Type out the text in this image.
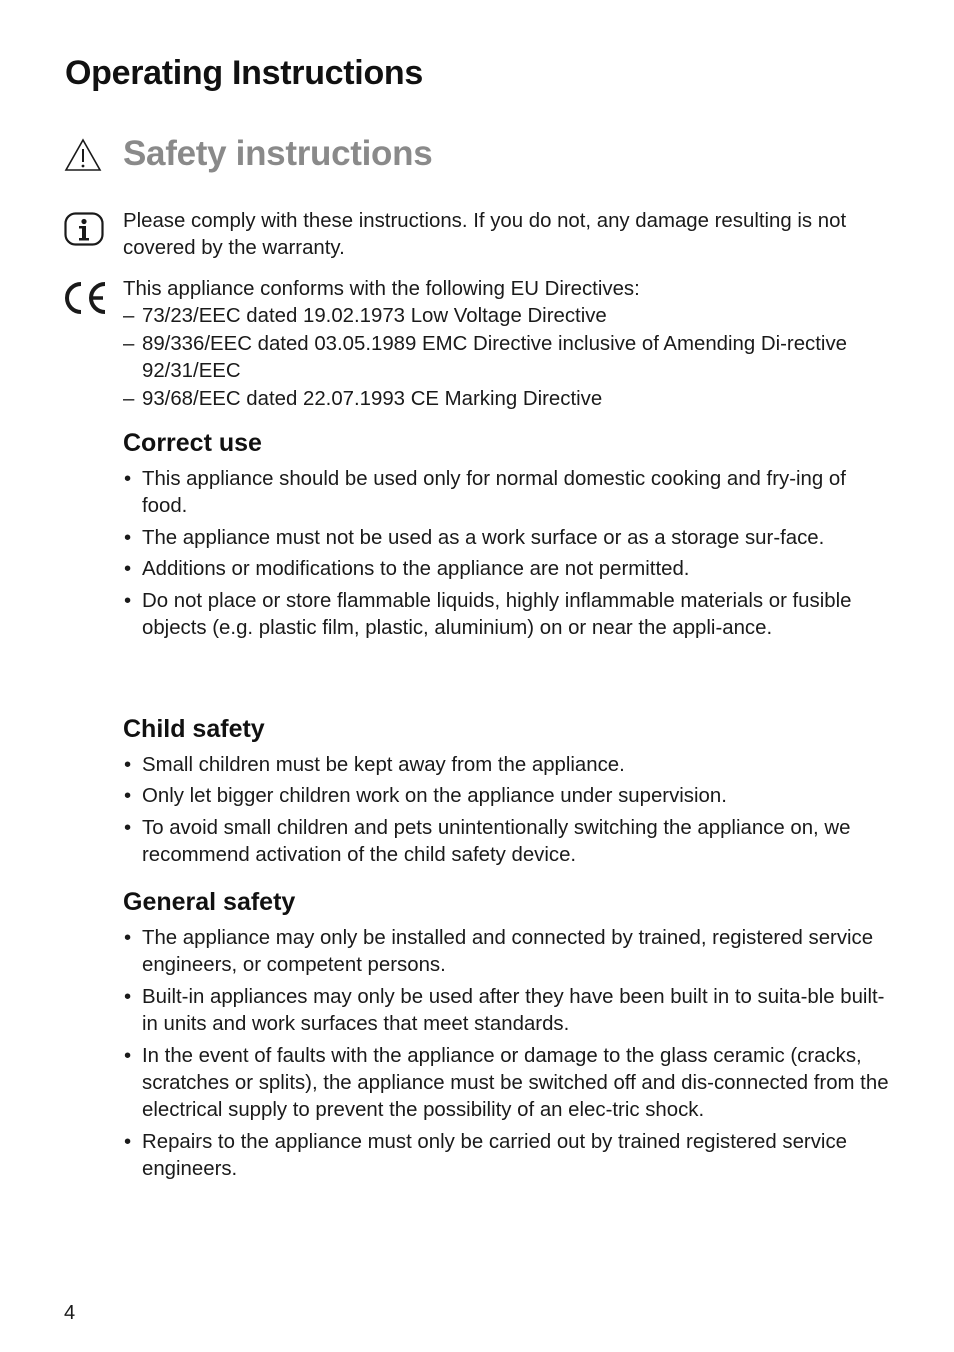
Operating Instructions
Safety instructions

Please comply with these instructions. If you do not, any damage resulting is not covered by the warranty.

This appliance conforms with the following EU Directives:

– 73/23/EEC dated 19.02.1973 Low Voltage Directive
– 89/336/EEC dated 03.05.1989 EMC Directive inclusive of Amending Di-rective 92/31/EEC
– 93/68/EEC dated 22.07.1993 CE Marking Directive
Correct use
• This appliance should be used only for normal domestic cooking and fry-ing of food.
• The appliance must not be used as a work surface or as a storage sur-face.
• Additions or modifications to the appliance are not permitted.
• Do not place or store flammable liquids, highly inflammable materials or fusible objects (e.g. plastic film, plastic, aluminium) on or near the appli-ance.
Child safety
• Small children must be kept away from the appliance.
• Only let bigger children work on the appliance under supervision.
• To avoid small children and pets unintentionally switching the appliance on, we recommend activation of the child safety device.
General safety
• The appliance may only be installed and connected by trained, registered service engineers, or competent persons.
• Built-in appliances may only be used after they have been built in to suita-ble built-in units and work surfaces that meet standards.
• In the event of faults with the appliance or damage to the glass ceramic (cracks, scratches or splits), the appliance must be switched off and dis-connected from the electrical supply to prevent the possibility of an elec-tric shock.
• Repairs to the appliance must only be carried out by trained registered service engineers.
4
